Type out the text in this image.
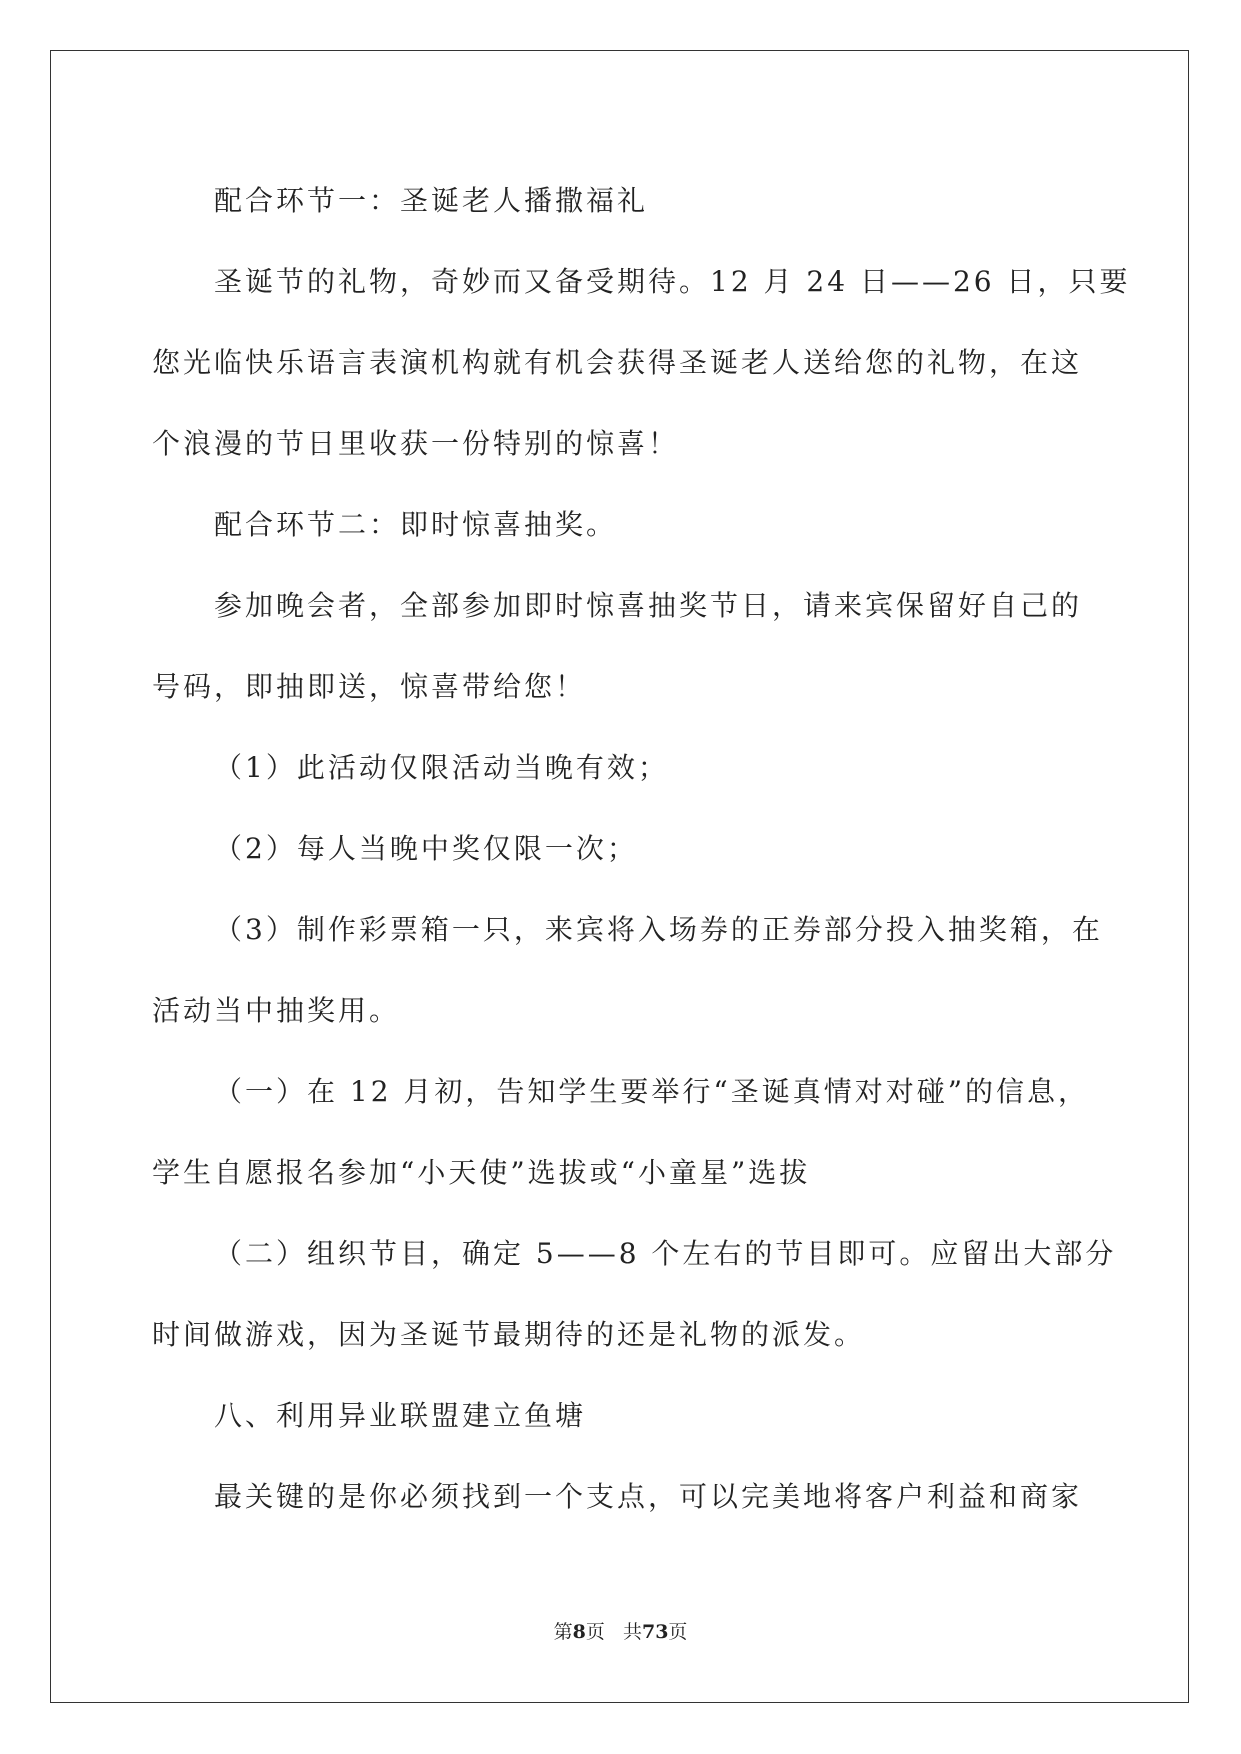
配合环节一：圣诞老人播撒福礼

圣诞节的礼物，奇妙而又备受期待。12 月 24 日——26 日，只要

您光临快乐语言表演机构就有机会获得圣诞老人送给您的礼物，在这

个浪漫的节日里收获一份特别的惊喜！

配合环节二：即时惊喜抽奖。

参加晚会者，全部参加即时惊喜抽奖节日，请来宾保留好自己的

号码，即抽即送，惊喜带给您！

（1）此活动仅限活动当晚有效；

（2）每人当晚中奖仅限一次；

（3）制作彩票箱一只，来宾将入场券的正券部分投入抽奖箱，在

活动当中抽奖用。

（一）在 12 月初，告知学生要举行“圣诞真情对对碰”的信息，

学生自愿报名参加“小天使”选拔或“小童星”选拔

（二）组织节目，确定 5——8 个左右的节目即可。应留出大部分

时间做游戏，因为圣诞节最期待的还是礼物的派发。

八、利用异业联盟建立鱼塘

最关键的是你必须找到一个支点，可以完美地将客户利益和商家

第8页 共73页
